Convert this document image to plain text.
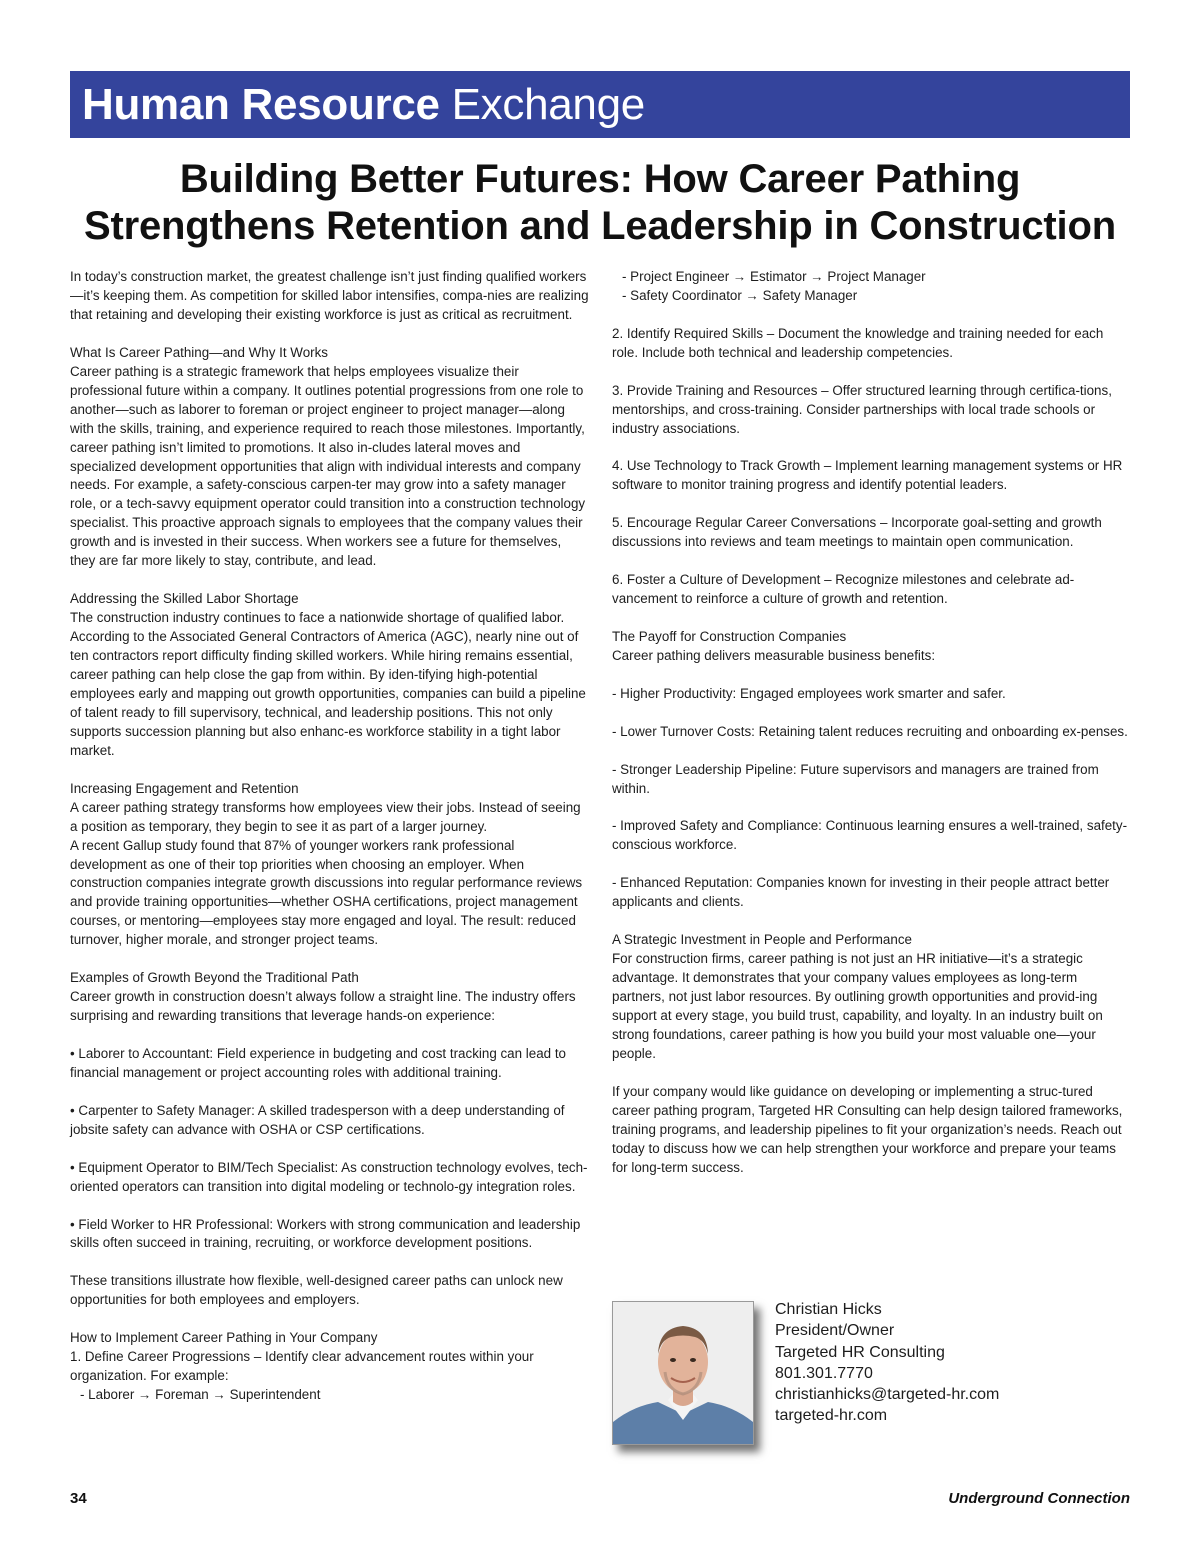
Human Resource Exchange
Building Better Futures: How Career Pathing
Strengthens Retention and Leadership in Construction

In today’s construction market, the greatest challenge isn’t just finding qualified workers—it’s keeping them. As competition for skilled labor intensifies, compa-nies are realizing that retaining and developing their existing workforce is just as critical as recruitment.

What Is Career Pathing—and Why It Works

Career pathing is a strategic framework that helps employees visualize their professional future within a company. It outlines potential progressions from one role to another—such as laborer to foreman or project engineer to project manager—along with the skills, training, and experience required to reach those milestones. Importantly, career pathing isn’t limited to promotions. It also in-cludes lateral moves and specialized development opportunities that align with individual interests and company needs. For example, a safety-conscious carpen-ter may grow into a safety manager role, or a tech-savvy equipment operator could transition into a construction technology specialist. This proactive approach signals to employees that the company values their growth and is invested in their success. When workers see a future for themselves, they are far more likely to stay, contribute, and lead.

Addressing the Skilled Labor Shortage

The construction industry continues to face a nationwide shortage of qualified labor. According to the Associated General Contractors of America (AGC), nearly nine out of ten contractors report difficulty finding skilled workers. While hiring remains essential, career pathing can help close the gap from within. By iden-tifying high-potential employees early and mapping out growth opportunities, companies can build a pipeline of talent ready to fill supervisory, technical, and leadership positions. This not only supports succession planning but also enhanc-es workforce stability in a tight labor market.

Increasing Engagement and Retention

A career pathing strategy transforms how employees view their jobs. Instead of seeing a position as temporary, they begin to see it as part of a larger journey.

A recent Gallup study found that 87% of younger workers rank professional development as one of their top priorities when choosing an employer. When construction companies integrate growth discussions into regular performance reviews and provide training opportunities—whether OSHA certifications, project management courses, or mentoring—employees stay more engaged and loyal. The result: reduced turnover, higher morale, and stronger project teams.

Examples of Growth Beyond the Traditional Path

Career growth in construction doesn’t always follow a straight line. The industry offers surprising and rewarding transitions that leverage hands-on experience:

• Laborer to Accountant: Field experience in budgeting and cost tracking can lead to financial management or project accounting roles with additional training.

• Carpenter to Safety Manager: A skilled tradesperson with a deep understanding of jobsite safety can advance with OSHA or CSP certifications.

• Equipment Operator to BIM/Tech Specialist: As construction technology evolves, tech-oriented operators can transition into digital modeling or technolo-gy integration roles.

• Field Worker to HR Professional: Workers with strong communication and leadership skills often succeed in training, recruiting, or workforce development positions.

These transitions illustrate how flexible, well-designed career paths can unlock new opportunities for both employees and employers.

How to Implement Career Pathing in Your Company

1. Define Career Progressions – Identify clear advancement routes within your organization. For example:

- Laborer → Foreman → Superintendent

- Project Engineer → Estimator → Project Manager

- Safety Coordinator → Safety Manager

2. Identify Required Skills – Document the knowledge and training needed for each role. Include both technical and leadership competencies.

3. Provide Training and Resources – Offer structured learning through certifica-tions, mentorships, and cross-training. Consider partnerships with local trade schools or industry associations.

4. Use Technology to Track Growth – Implement learning management systems or HR software to monitor training progress and identify potential leaders.

5. Encourage Regular Career Conversations – Incorporate goal-setting and growth discussions into reviews and team meetings to maintain open communication.

6. Foster a Culture of Development – Recognize milestones and celebrate ad-vancement to reinforce a culture of growth and retention.

The Payoff for Construction Companies

Career pathing delivers measurable business benefits:

- Higher Productivity: Engaged employees work smarter and safer.

- Lower Turnover Costs: Retaining talent reduces recruiting and onboarding ex-penses.

- Stronger Leadership Pipeline: Future supervisors and managers are trained from within.

- Improved Safety and Compliance: Continuous learning ensures a well-trained, safety-conscious workforce.

- Enhanced Reputation: Companies known for investing in their people attract better applicants and clients.

A Strategic Investment in People and Performance

For construction firms, career pathing is not just an HR initiative—it’s a strategic advantage. It demonstrates that your company values employees as long-term partners, not just labor resources. By outlining growth opportunities and provid-ing support at every stage, you build trust, capability, and loyalty. In an industry built on strong foundations, career pathing is how you build your most valuable one—your people.

If your company would like guidance on developing or implementing a struc-tured career pathing program, Targeted HR Consulting can help design tailored frameworks, training programs, and leadership pipelines to fit your organization’s needs. Reach out today to discuss how we can help strengthen your workforce and prepare your teams for long-term success.

Christian Hicks
President/Owner
Targeted HR Consulting
801.301.7770
christianhicks@targeted-hr.com
targeted-hr.com
34	Underground Connection
